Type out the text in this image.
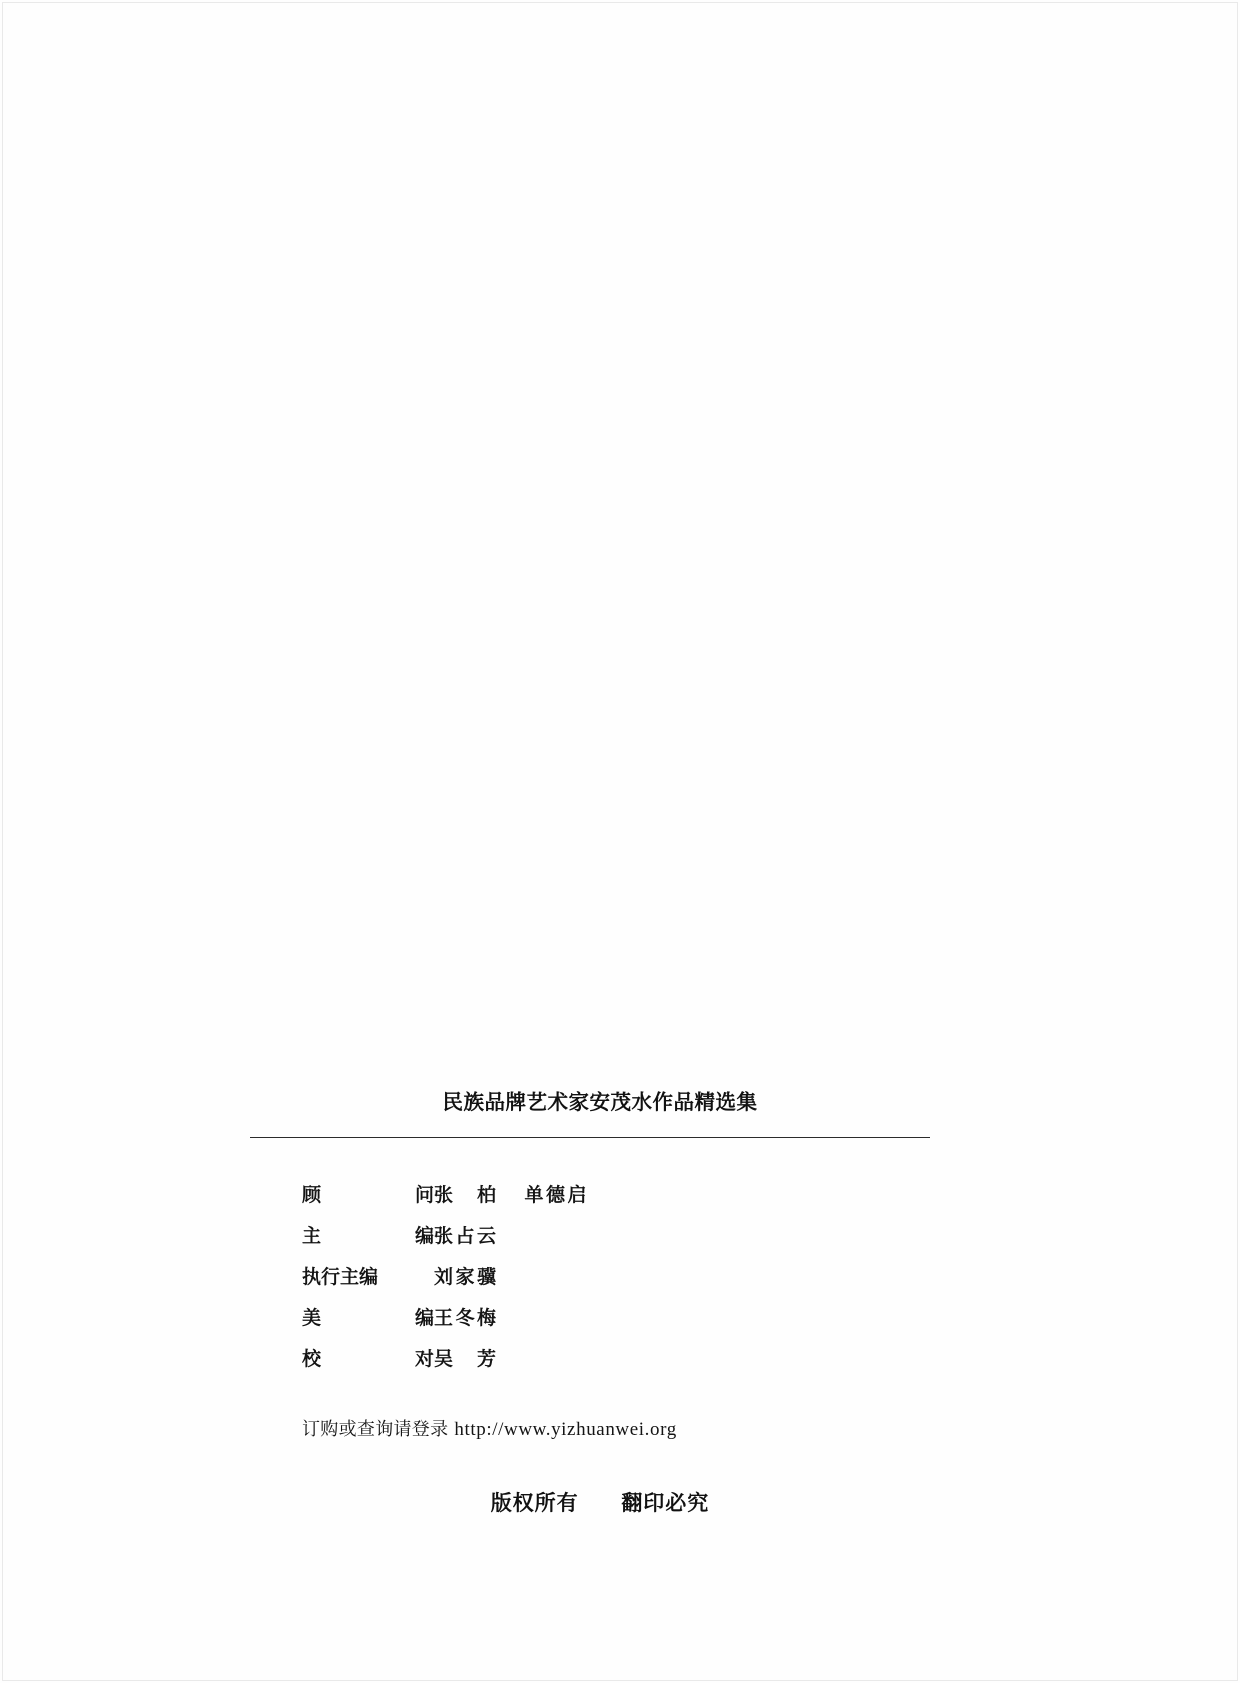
民族品牌艺术家安茂水作品精选集
顾	问 张　柏 单德启
主	编 张占云
执行主编	刘家骥
美	编 王冬梅
校	对 吴　芳
订购或查询请登录 http://www.yizhuanwei.org
版权所有 翻印必究
